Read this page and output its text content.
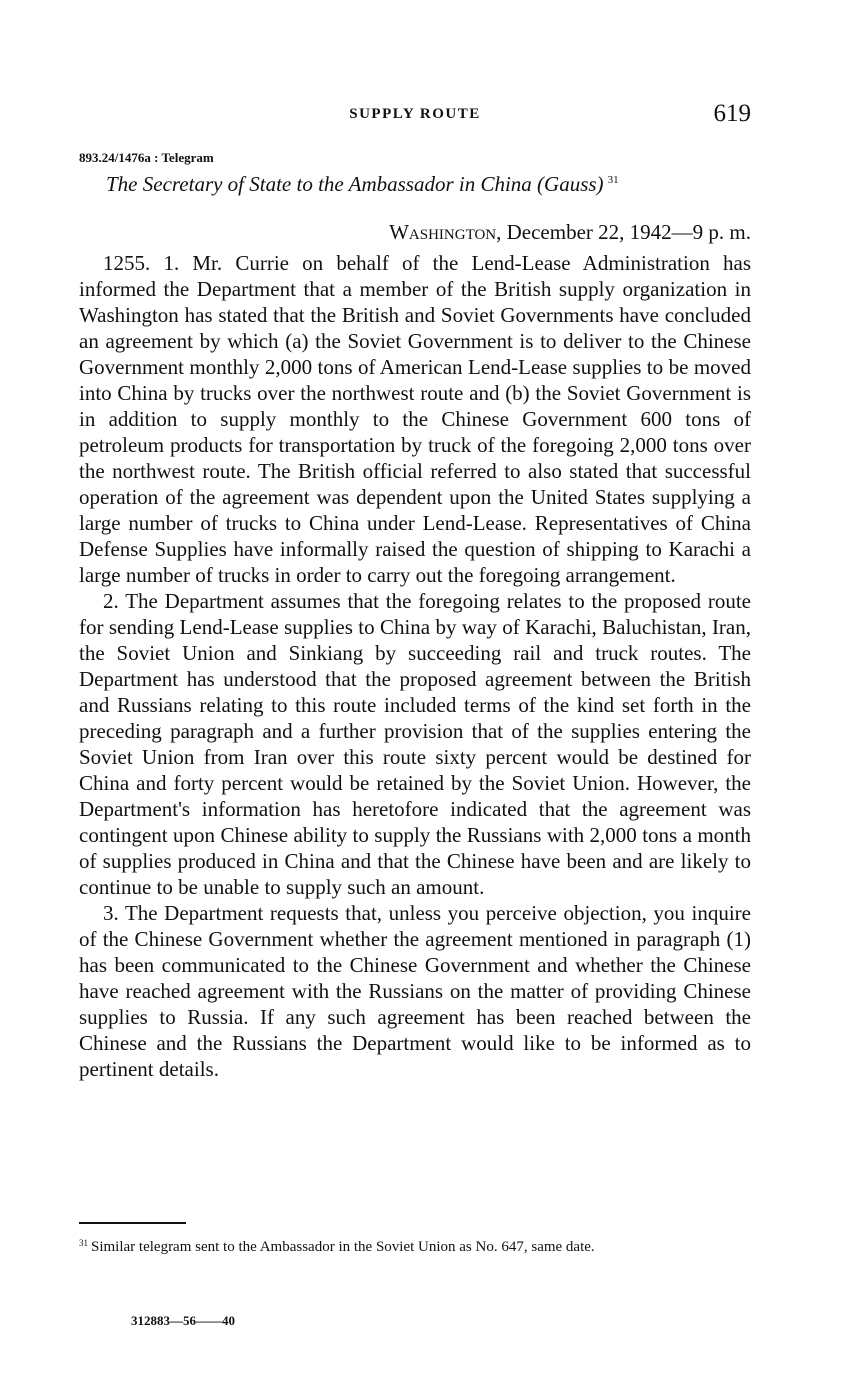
SUPPLY ROUTE	619
893.24/1476a : Telegram
The Secretary of State to the Ambassador in China (Gauss) $^{31}$
Washington, December 22, 1942—9 p. m.

1255. 1. Mr. Currie on behalf of the Lend-Lease Administration has informed the Department that a member of the British supply organization in Washington has stated that the British and Soviet Governments have concluded an agreement by which (a) the Soviet Government is to deliver to the Chinese Government monthly 2,000 tons of American Lend-Lease supplies to be moved into China by trucks over the northwest route and (b) the Soviet Government is in addition to supply monthly to the Chinese Government 600 tons of petroleum products for transportation by truck of the foregoing 2,000 tons over the northwest route. The British official referred to also stated that successful operation of the agreement was dependent upon the United States supplying a large number of trucks to China under Lend-Lease. Representatives of China Defense Supplies have informally raised the question of shipping to Karachi a large number of trucks in order to carry out the foregoing arrangement.

2. The Department assumes that the foregoing relates to the proposed route for sending Lend-Lease supplies to China by way of Karachi, Baluchistan, Iran, the Soviet Union and Sinkiang by succeeding rail and truck routes. The Department has understood that the proposed agreement between the British and Russians relating to this route included terms of the kind set forth in the preceding paragraph and a further provision that of the supplies entering the Soviet Union from Iran over this route sixty percent would be destined for China and forty percent would be retained by the Soviet Union. However, the Department's information has heretofore indicated that the agreement was contingent upon Chinese ability to supply the Russians with 2,000 tons a month of supplies produced in China and that the Chinese have been and are likely to continue to be unable to supply such an amount.

3. The Department requests that, unless you perceive objection, you inquire of the Chinese Government whether the agreement mentioned in paragraph (1) has been communicated to the Chinese Government and whether the Chinese have reached agreement with the Russians on the matter of providing Chinese supplies to Russia. If any such agreement has been reached between the Chinese and the Russians the Department would like to be informed as to pertinent details.

$^{31}$ Similar telegram sent to the Ambassador in the Soviet Union as No. 647, same date.
312883—56——40
